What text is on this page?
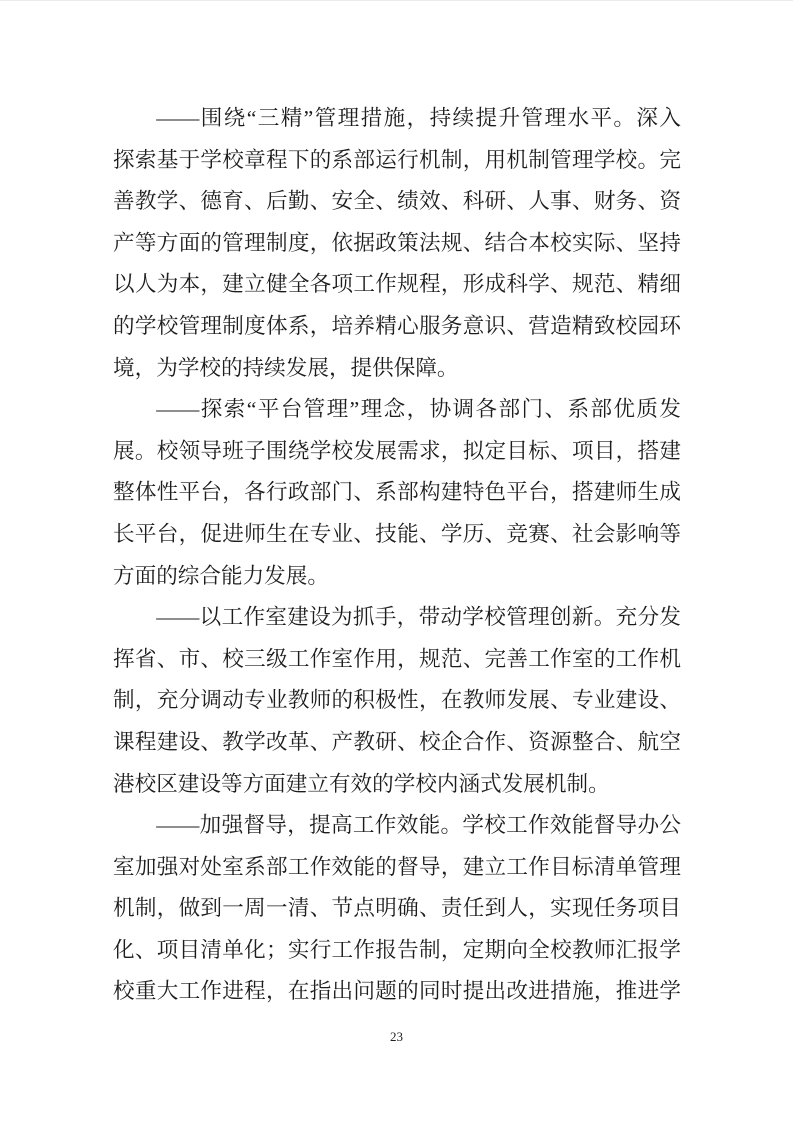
——围绕“三精”管理措施，持续提升管理水平。深入
探索基于学校章程下的系部运行机制，用机制管理学校。完
善教学、德育、后勤、安全、绩效、科研、人事、财务、资
产等方面的管理制度，依据政策法规、结合本校实际、坚持
以人为本，建立健全各项工作规程，形成科学、规范、精细
的学校管理制度体系，培养精心服务意识、营造精致校园环
境，为学校的持续发展，提供保障。
——探索“平台管理”理念，协调各部门、系部优质发
展。校领导班子围绕学校发展需求，拟定目标、项目，搭建
整体性平台，各行政部门、系部构建特色平台，搭建师生成
长平台，促进师生在专业、技能、学历、竞赛、社会影响等
方面的综合能力发展。
——以工作室建设为抓手，带动学校管理创新。充分发
挥省、市、校三级工作室作用，规范、完善工作室的工作机
制，充分调动专业教师的积极性，在教师发展、专业建设、
课程建设、教学改革、产教研、校企合作、资源整合、航空
港校区建设等方面建立有效的学校内涵式发展机制。
——加强督导，提高工作效能。学校工作效能督导办公
室加强对处室系部工作效能的督导，建立工作目标清单管理
机制，做到一周一清、节点明确、责任到人，实现任务项目
化、项目清单化；实行工作报告制，定期向全校教师汇报学
校重大工作进程，在指出问题的同时提出改进措施，推进学
23
